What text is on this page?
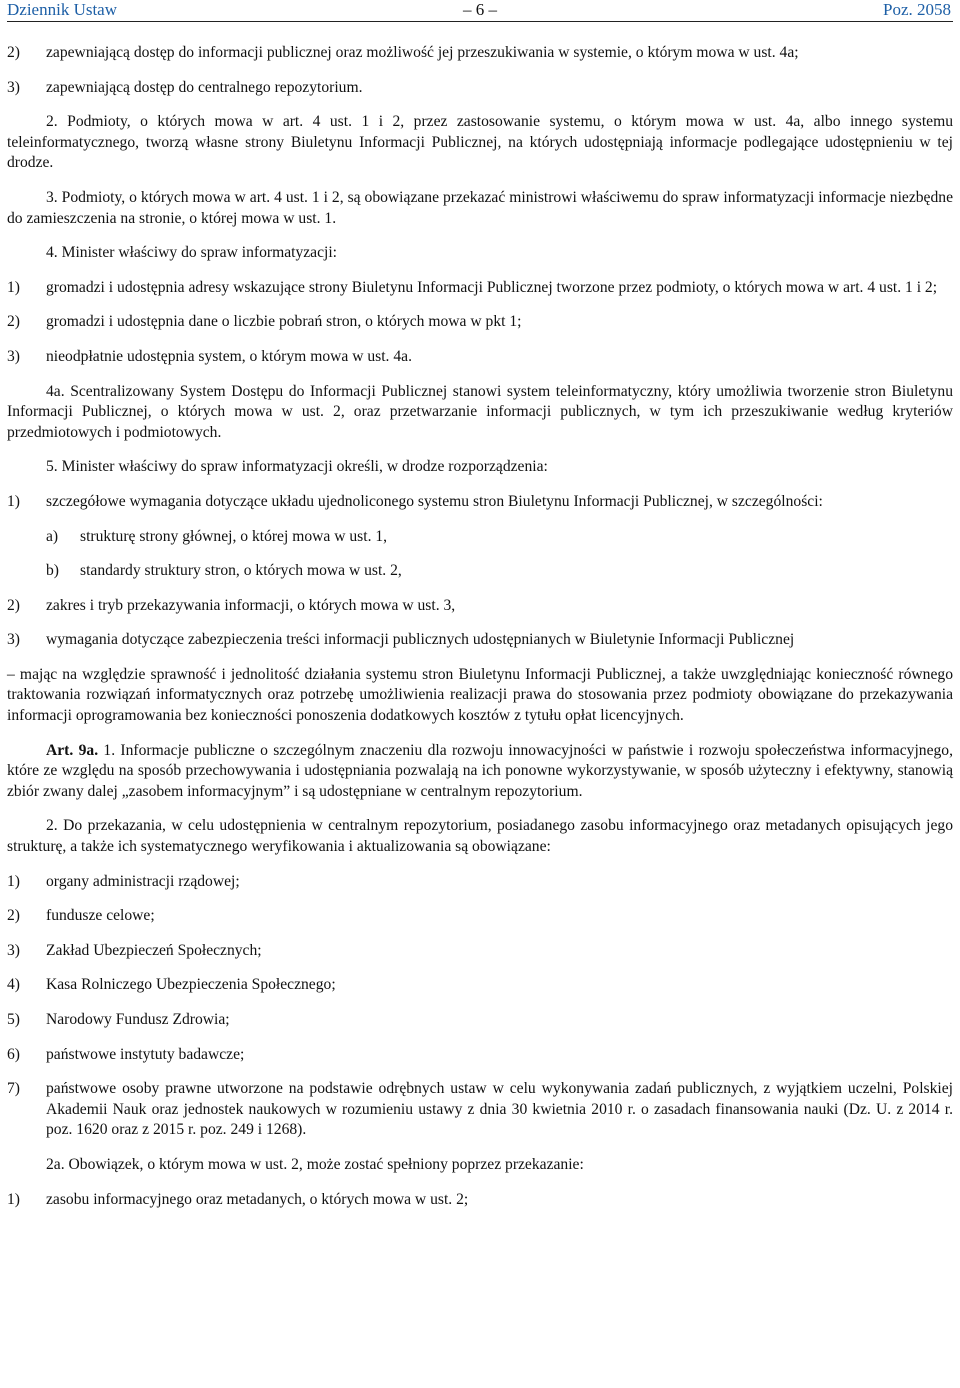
Dziennik Ustaw	– 6 –	Poz. 2058
2) zapewniającą dostęp do informacji publicznej oraz możliwość jej przeszukiwania w systemie, o którym mowa w ust. 4a;
3) zapewniającą dostęp do centralnego repozytorium.

2. Podmioty, o których mowa w art. 4 ust. 1 i 2, przez zastosowanie systemu, o którym mowa w ust. 4a, albo innego systemu teleinformatycznego, tworzą własne strony Biuletynu Informacji Publicznej, na których udostępniają informacje podlegające udostępnieniu w tej drodze.

3. Podmioty, o których mowa w art. 4 ust. 1 i 2, są obowiązane przekazać ministrowi właściwemu do spraw informatyzacji informacje niezbędne do zamieszczenia na stronie, o której mowa w ust. 1.

4. Minister właściwy do spraw informatyzacji:

1) gromadzi i udostępnia adresy wskazujące strony Biuletynu Informacji Publicznej tworzone przez podmioty, o których mowa w art. 4 ust. 1 i 2;
2) gromadzi i udostępnia dane o liczbie pobrań stron, o których mowa w pkt 1;
3) nieodpłatnie udostępnia system, o którym mowa w ust. 4a.

4a. Scentralizowany System Dostępu do Informacji Publicznej stanowi system teleinformatyczny, który umożliwia tworzenie stron Biuletynu Informacji Publicznej, o których mowa w ust. 2, oraz przetwarzanie informacji publicznych, w tym ich przeszukiwanie według kryteriów przedmiotowych i podmiotowych.

5. Minister właściwy do spraw informatyzacji określi, w drodze rozporządzenia:

1) szczegółowe wymagania dotyczące układu ujednoliconego systemu stron Biuletynu Informacji Publicznej, w szczególności:
a) strukturę strony głównej, o której mowa w ust. 1,
b) standardy struktury stron, o których mowa w ust. 2,
2) zakres i tryb przekazywania informacji, o których mowa w ust. 3,
3) wymagania dotyczące zabezpieczenia treści informacji publicznych udostępnianych w Biuletynie Informacji Publicznej

– mając na względzie sprawność i jednolitość działania systemu stron Biuletynu Informacji Publicznej, a także uwzględniając konieczność równego traktowania rozwiązań informatycznych oraz potrzebę umożliwienia realizacji prawa do stosowania przez podmioty obowiązane do przekazywania informacji oprogramowania bez konieczności ponoszenia dodatkowych kosztów z tytułu opłat licencyjnych.

Art. 9a. 1. Informacje publiczne o szczególnym znaczeniu dla rozwoju innowacyjności w państwie i rozwoju społeczeństwa informacyjnego, które ze względu na sposób przechowywania i udostępniania pozwalają na ich ponowne wykorzystywanie, w sposób użyteczny i efektywny, stanowią zbiór zwany dalej „zasobem informacyjnym” i są udostępniane w centralnym repozytorium.

2. Do przekazania, w celu udostępnienia w centralnym repozytorium, posiadanego zasobu informacyjnego oraz metadanych opisujących jego strukturę, a także ich systematycznego weryfikowania i aktualizowania są obowiązane:

1) organy administracji rządowej;
2) fundusze celowe;
3) Zakład Ubezpieczeń Społecznych;
4) Kasa Rolniczego Ubezpieczenia Społecznego;
5) Narodowy Fundusz Zdrowia;
6) państwowe instytuty badawcze;
7) państwowe osoby prawne utworzone na podstawie odrębnych ustaw w celu wykonywania zadań publicznych, z wyjątkiem uczelni, Polskiej Akademii Nauk oraz jednostek naukowych w rozumieniu ustawy z dnia 30 kwietnia 2010 r. o zasadach finansowania nauki (Dz. U. z 2014 r. poz. 1620 oraz z 2015 r. poz. 249 i 1268).

2a. Obowiązek, o którym mowa w ust. 2, może zostać spełniony poprzez przekazanie:

1) zasobu informacyjnego oraz metadanych, o których mowa w ust. 2;
